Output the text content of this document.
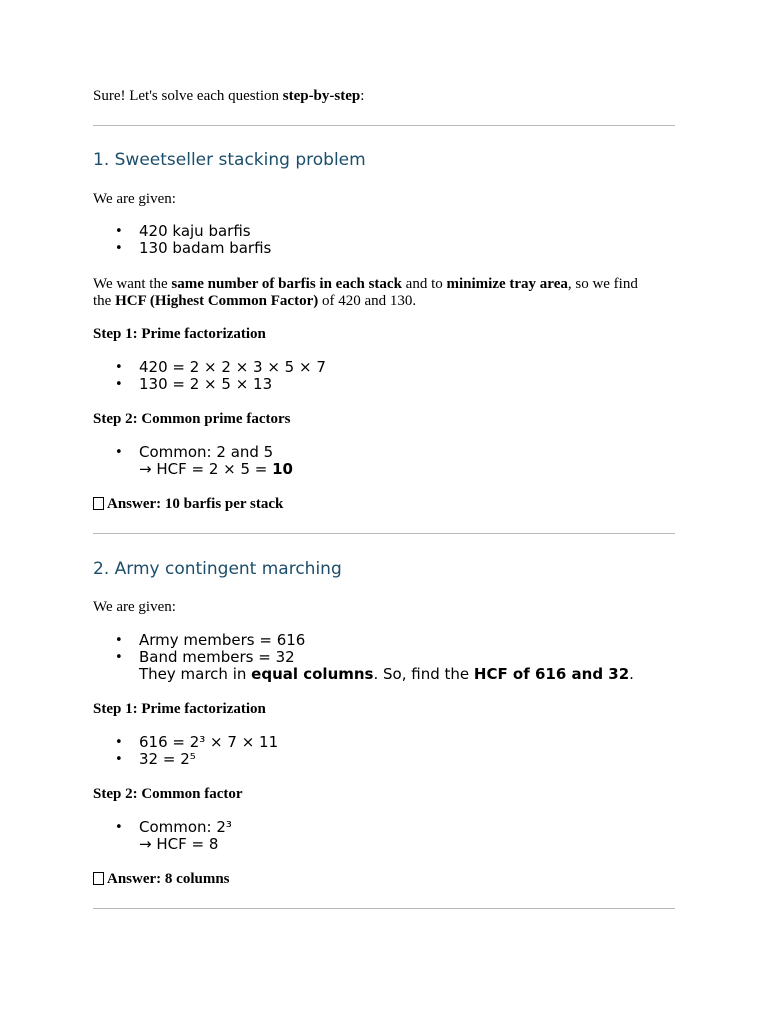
Sure! Let's solve each question step-by-step:

1. Sweetseller stacking problem

We are given:

• 420 kaju barfis
• 130 badam barfis
We want the same number of barfis in each stack and to minimize tray area, so we find
the HCF (Highest Common Factor) of 420 and 130.

Step 1: Prime factorization

• 420 = 2 × 2 × 3 × 5 × 7
• 130 = 2 × 5 × 13

Step 2: Common prime factors

• Common: 2 and 5
→ HCF = 2 × 5 = 10

Answer: 10 barfis per stack

2. Army contingent marching

We are given:

• Army members = 616
• Band members = 32
They march in equal columns. So, find the HCF of 616 and 32.

Step 1: Prime factorization

• 616 = 2³ × 7 × 11
• 32 = 2⁵

Step 2: Common factor

• Common: 2³
→ HCF = 8

Answer: 8 columns
